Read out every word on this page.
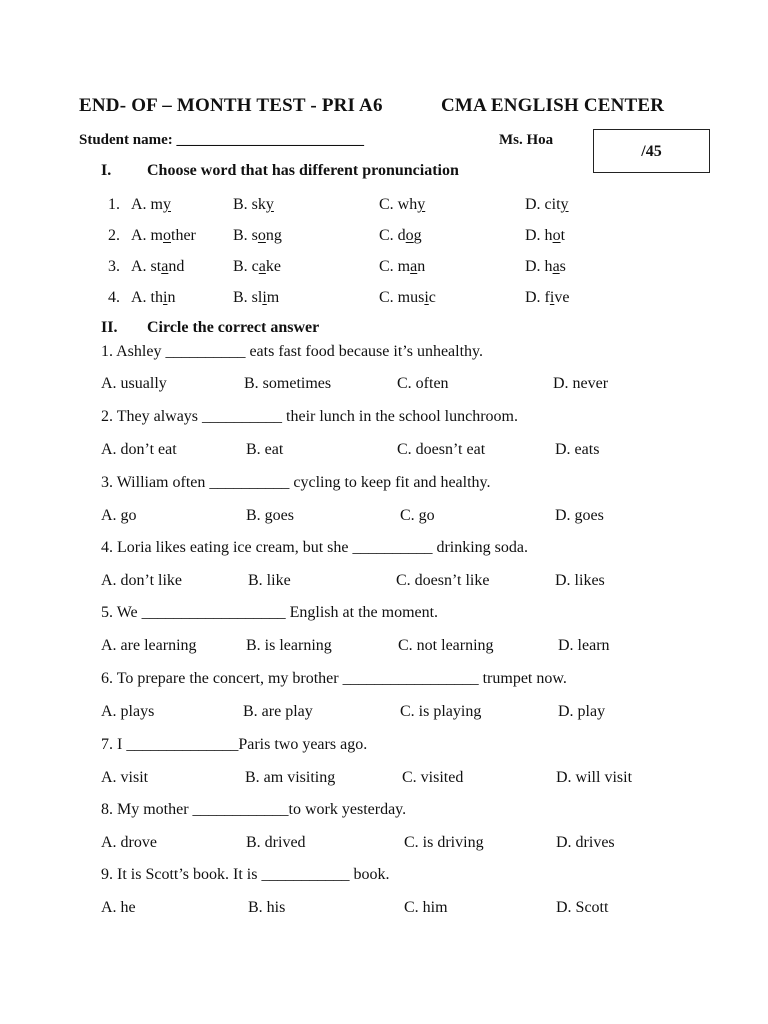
END- OF – MONTH TEST - PRI A6	CMA ENGLISH CENTER
Student name: _________________________	Ms. Hoa
/45
I. Choose word that has different pronunciation
1. A. my	B. sky	C. why	D. city
2. A. mother B. song	C. dog	D. hot
3. A. stand	B. cake	C. man	D. has
4. A. thin	B. slim	C. music	D. five
II. Circle the correct answer
1. Ashley __________ eats fast food because it’s unhealthy.
A. usually	B. sometimes	C. often	D. never
2. They always __________ their lunch in the school lunchroom.
A. don’t eat	B. eat	C. doesn’t eat	D. eats
3. William often __________ cycling to keep fit and healthy.
A. go	B. goes	C. go	D. goes
4. Loria likes eating ice cream, but she __________ drinking soda.
A. don’t like	B. like	C. doesn’t like	D. likes
5. We __________________ English at the moment.
A. are learning	B. is learning	C. not learning	D. learn
6. To prepare the concert, my brother _________________ trumpet now.
A. plays	B. are play	C. is playing	D. play
7. I ______________Paris two years ago.
A. visit	B. am visiting	C. visited	D. will visit
8. My mother ____________to work yesterday.
A. drove	B. drived	C. is driving	D. drives
9. It is Scott’s book. It is ___________ book.
A. he	B. his	C. him	D. Scott
